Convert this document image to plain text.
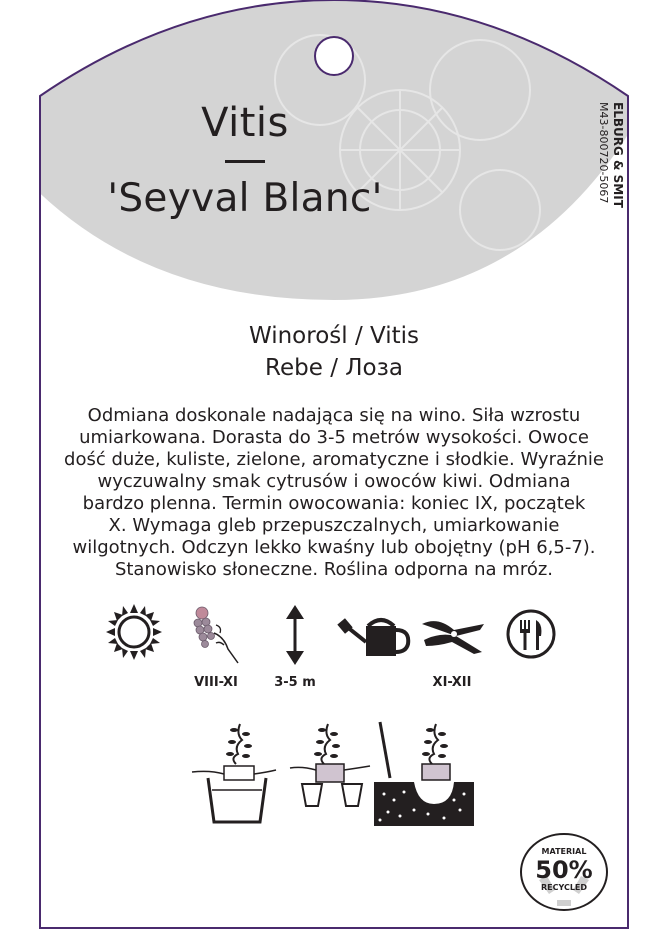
Vitis
'Seyval Blanc'	ELBURG & SMIT
M43-800720-5067
Winorośl / Vitis
Rebe / Лоза
Odmiana doskonale nadająca się na wino. Siła wzrostu
umiarkowana. Dorasta do 3-5 metrów wysokości. Owoce
dość duże, kuliste, zielone, aromatyczne i słodkie. Wyraźnie
wyczuwalny smak cytrusów i owoców kiwi. Odmiana
bardzo plenna. Termin owocowania: koniec IX, początek
X. Wymaga gleb przepuszczalnych, umiarkowanie
wilgotnych. Odczyn lekko kwaśny lub obojętny (pH 6,5-7).
Stanowisko słoneczne. Roślina odporna na mróz.
VIII-XI	3-5 m	XI-XII
MATERIAL
50%
RECYCLED
